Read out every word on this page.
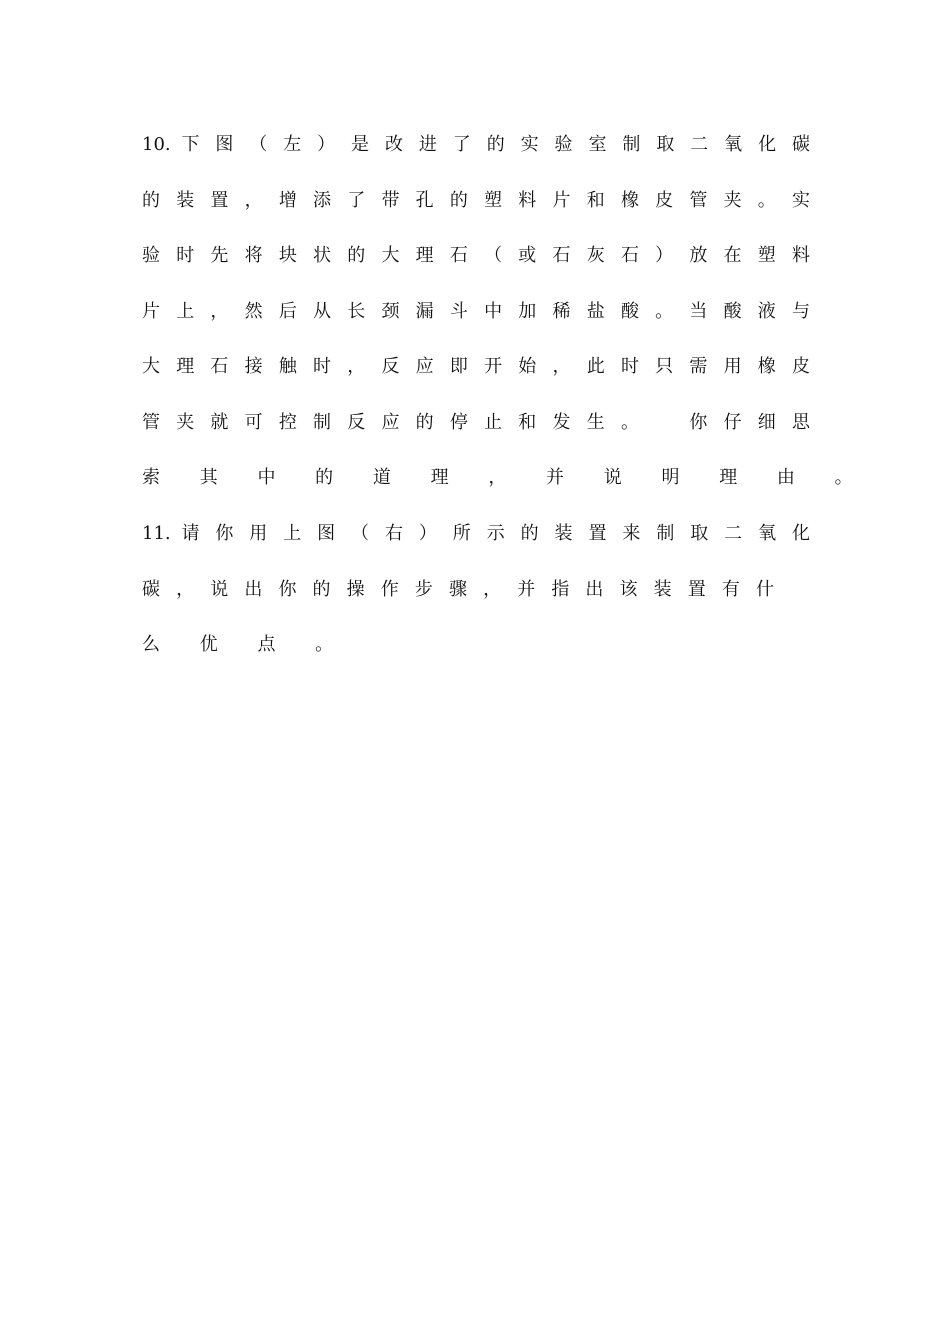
10. 下 图 （ 左 ） 是 改 进 了 的 实 验 室 制 取 二 氧 化 碳
的 装 置 ， 增 添 了 带 孔 的 塑 料 片 和 橡 皮 管 夹 。 实
验 时 先 将 块 状 的 大 理 石 （ 或 石 灰 石 ） 放 在 塑 料
片 上 ， 然 后 从 长 颈 漏 斗 中 加 稀 盐 酸 。 当 酸 液 与
大 理 石 接 触 时 ， 反 应 即 开 始 ， 此 时 只 需 用 橡 皮
管 夹 就 可 控 制 反 应 的 停 止 和 发 生 。 　 你 仔 细 思
索 其 中 的 道 理 ， 并 说 明 理 由 。
11. 请 你 用 上 图 （ 右 ） 所 示 的 装 置 来 制 取 二 氧 化
碳 ， 说 出 你 的 操 作 步 骤 ， 并 指 出 该 装 置 有 什
么 优 点 。
